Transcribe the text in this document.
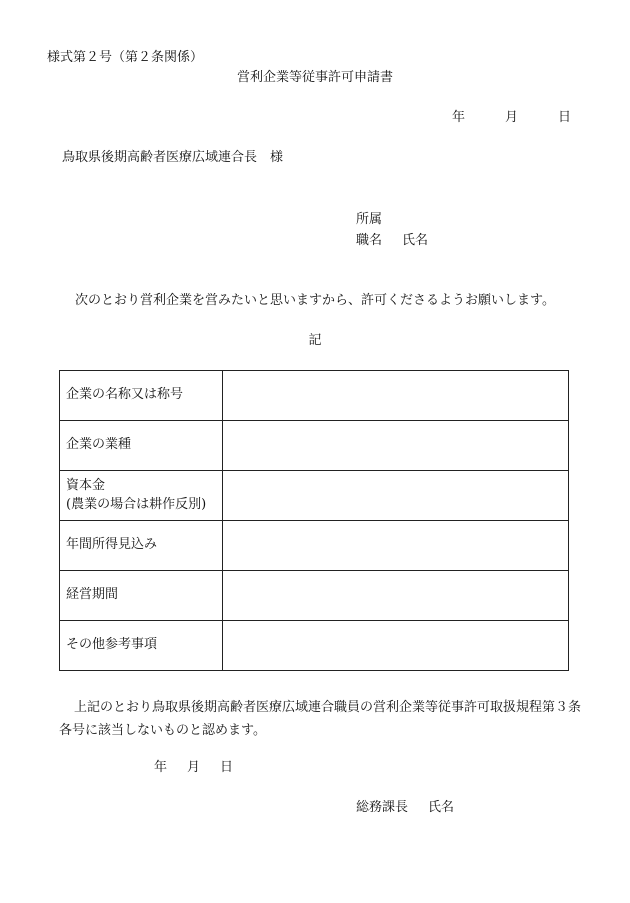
様式第２号（第２条関係）
営利企業等従事許可申請書
年	月	日
鳥取県後期高齢者医療広域連合長　様
所属
職名 氏名
次のとおり営利企業を営みたいと思いますから、許可くださるようお願いします。
記
企業の名称又は称号	
企業の業種	
資本金
(農業の場合は耕作反別)	
年間所得見込み	
経営期間	
その他参考事項	
上記のとおり鳥取県後期高齢者医療広域連合職員の営利企業等従事許可取扱規程第３条各号に該当しないものと認めます。
年 月 日
総務課長 氏名
